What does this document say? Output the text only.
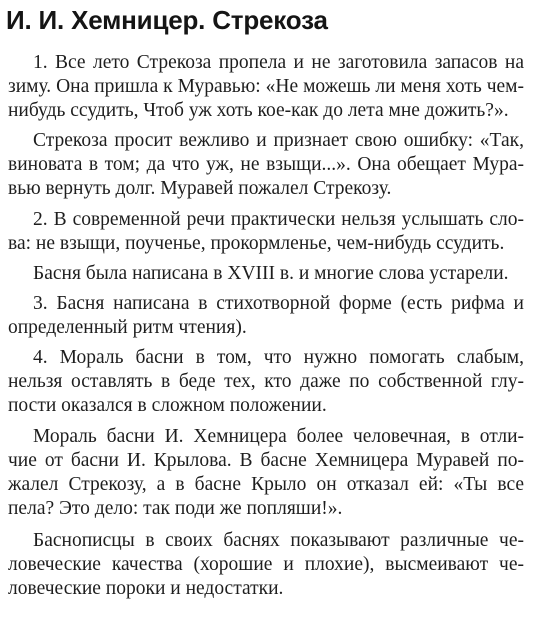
И. И. Хемницер. Стрекоза
1. Все лето Стрекоза пропела и не заготовила запасов на
зиму. Она пришла к Муравью: «Не можешь ли меня хоть чем-
нибудь ссудить, Чтоб уж хоть кое-как до лета мне дожить?».
Стрекоза просит вежливо и признает свою ошибку: «Так,
виновата в том; да что уж, не взыщи...». Она обещает Мура-
вью вернуть долг. Муравей пожалел Стрекозу.
2. В современной речи практически нельзя услышать сло-
ва: не взыщи, поученье, прокормленье, чем-нибудь ссудить.
Басня была написана в XVIII в. и многие слова устарели.
3. Басня написана в стихотворной форме (есть рифма и
определенный ритм чтения).
4. Мораль басни в том, что нужно помогать слабым,
нельзя оставлять в беде тех, кто даже по собственной глу-
пости оказался в сложном положении.
Мораль басни И. Хемницера более человечная, в отли-
чие от басни И. Крылова. В басне Хемницера Муравей по-
жалел Стрекозу, а в басне Крыло он отказал ей: «Ты все
пела? Это дело: так поди же попляши!».
Баснописцы в своих баснях показывают различные че-
ловеческие качества (хорошие и плохие), высмеивают че-
ловеческие пороки и недостатки.
